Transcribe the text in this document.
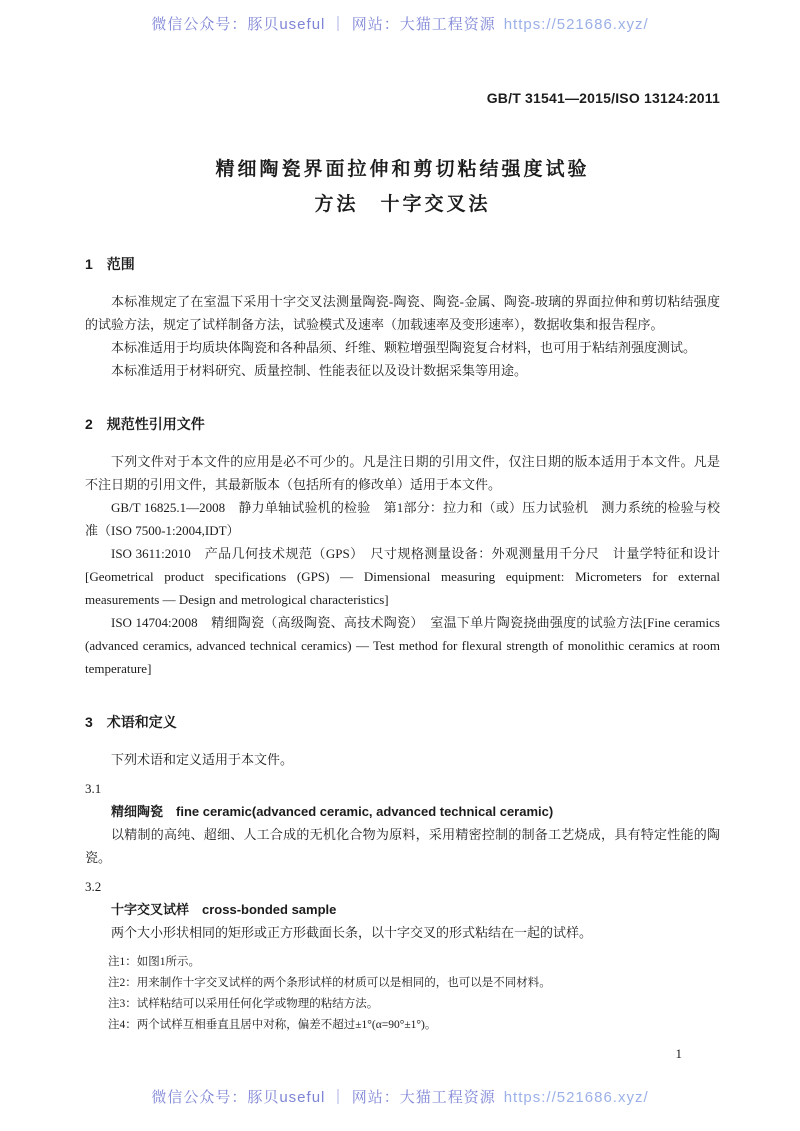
微信公众号：豚贝useful ｜ 网站：大猫工程资源 https://521686.xyz/
GB/T 31541—2015/ISO 13124:2011
精细陶瓷界面拉伸和剪切粘结强度试验
方法　十字交叉法
1　范围

本标准规定了在室温下采用十字交叉法测量陶瓷-陶瓷、陶瓷-金属、陶瓷-玻璃的界面拉伸和剪切粘结强度的试验方法，规定了试样制备方法，试验模式及速率（加载速率及变形速率），数据收集和报告程序。

本标准适用于均质块体陶瓷和各种晶须、纤维、颗粒增强型陶瓷复合材料，也可用于粘结剂强度测试。

本标准适用于材料研究、质量控制、性能表征以及设计数据采集等用途。

2　规范性引用文件

下列文件对于本文件的应用是必不可少的。凡是注日期的引用文件，仅注日期的版本适用于本文件。凡是不注日期的引用文件，其最新版本（包括所有的修改单）适用于本文件。

GB/T 16825.1—2008　静力单轴试验机的检验　第1部分：拉力和（或）压力试验机　测力系统的检验与校准（ISO 7500-1:2004,IDT）

ISO 3611:2010　产品几何技术规范（GPS）　尺寸规格测量设备：外观测量用千分尺　计量学特征和设计[Geometrical product specifications (GPS) — Dimensional measuring equipment: Micrometers for external measurements — Design and metrological characteristics]

ISO 14704:2008　精细陶瓷（高级陶瓷、高技术陶瓷）　室温下单片陶瓷挠曲强度的试验方法[Fine ceramics (advanced ceramics, advanced technical ceramics) — Test method for flexural strength of monolithic ceramics at room temperature]

3　术语和定义

下列术语和定义适用于本文件。

3.1
精细陶瓷　fine ceramic(advanced ceramic, advanced technical ceramic)

以精制的高纯、超细、人工合成的无机化合物为原料，采用精密控制的制备工艺烧成，具有特定性能的陶瓷。

3.2
十字交叉试样　cross-bonded sample

两个大小形状相同的矩形或正方形截面长条，以十字交叉的形式粘结在一起的试样。

注1：如图1所示。
注2：用来制作十字交叉试样的两个条形试样的材质可以是相同的，也可以是不同材料。
注3：试样粘结可以采用任何化学或物理的粘结方法。
注4：两个试样互相垂直且居中对称，偏差不超过±1°(α=90°±1°)。
1
微信公众号：豚贝useful ｜ 网站：大猫工程资源 https://521686.xyz/
